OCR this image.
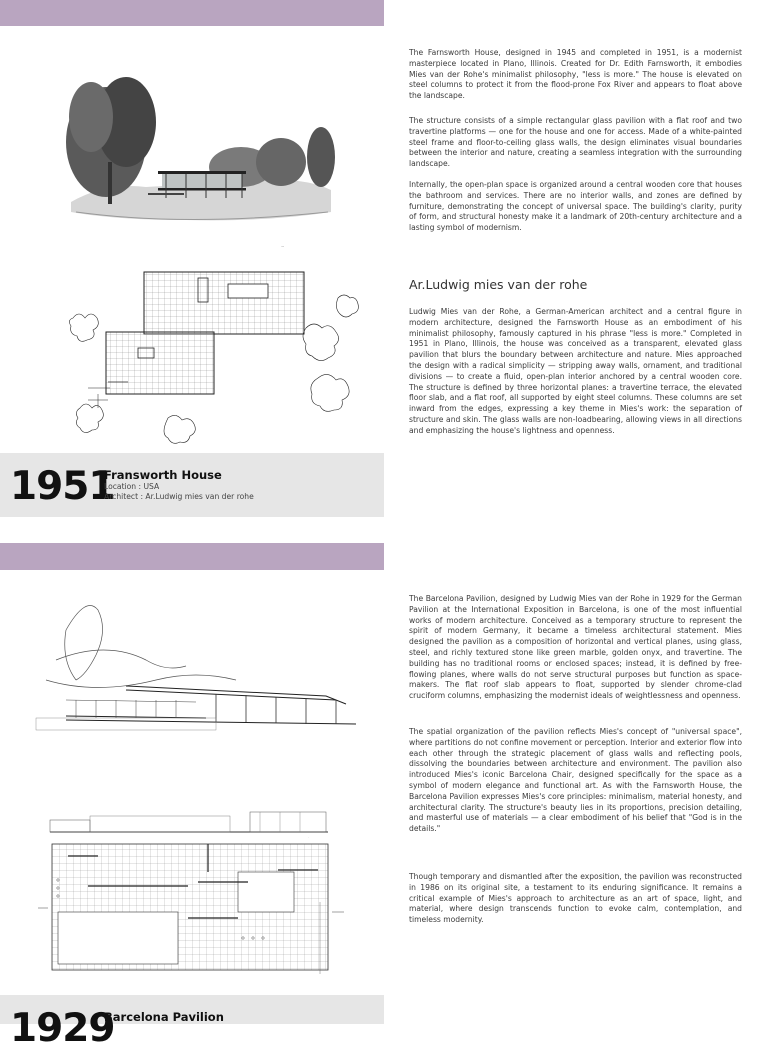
~

The Farnsworth House, designed in 1945 and completed in 1951, is a modernist masterpiece located in Plano, Illinois. Created for Dr. Edith Farnsworth, it embodies Mies van der Rohe's minimalist philosophy, "less is more." The house is elevated on steel columns to protect it from the flood-prone Fox River and appears to float above the landscape.

The structure consists of a simple rectangular glass pavilion with a flat roof and two travertine platforms — one for the house and one for access. Made of a white-painted steel frame and floor-to-ceiling glass walls, the design eliminates visual boundaries between the interior and nature, creating a seamless integration with the surrounding landscape.

Internally, the open-plan space is organized around a central wooden core that houses the bathroom and services. There are no interior walls, and zones are defined by furniture, demonstrating the concept of universal space. The building's clarity, purity of form, and structural honesty make it a landmark of 20th-century architecture and a lasting symbol of modernism.

Ar.Ludwig mies van der rohe

Ludwig Mies van der Rohe, a German-American architect and a central figure in modern architecture, designed the Farnsworth House as an embodiment of his minimalist philosophy, famously captured in his phrase "less is more." Completed in 1951 in Plano, Illinois, the house was conceived as a transparent, elevated glass pavilion that blurs the boundary between architecture and nature. Mies approached the design with a radical simplicity — stripping away walls, ornament, and traditional divisions — to create a fluid, open-plan interior anchored by a central wooden core. The structure is defined by three horizontal planes: a travertine terrace, the elevated floor slab, and a flat roof, all supported by eight steel columns. These columns are set inward from the edges, expressing a key theme in Mies's work: the separation of structure and skin. The glass walls are non-loadbearing, allowing views in all directions and emphasizing the house's lightness and openness.

1951
Fransworth House
Location : USA
Architect : Ar.Ludwig mies van der rohe
·

The Barcelona Pavilion, designed by Ludwig Mies van der Rohe in 1929 for the German Pavilion at the International Exposition in Barcelona, is one of the most influential works of modern architecture. Conceived as a temporary structure to represent the spirit of modern Germany, it became a timeless architectural statement. Mies designed the pavilion as a composition of horizontal and vertical planes, using glass, steel, and richly textured stone like green marble, golden onyx, and travertine. The building has no traditional rooms or enclosed spaces; instead, it is defined by free-flowing planes, where walls do not serve structural purposes but function as space-makers. The flat roof slab appears to float, supported by slender chrome-clad cruciform columns, emphasizing the modernist ideals of weightlessness and openness.

The spatial organization of the pavilion reflects Mies's concept of "universal space", where partitions do not confine movement or perception. Interior and exterior flow into each other through the strategic placement of glass walls and reflecting pools, dissolving the boundaries between architecture and environment. The pavilion also introduced Mies's iconic Barcelona Chair, designed specifically for the space as a symbol of modern elegance and functional art. As with the Farnsworth House, the Barcelona Pavilion expresses Mies's core principles: minimalism, material honesty, and architectural clarity. The structure's beauty lies in its proportions, precision detailing, and masterful use of materials — a clear embodiment of his belief that "God is in the details."

Though temporary and dismantled after the exposition, the pavilion was reconstructed in 1986 on its original site, a testament to its enduring significance. It remains a critical example of Mies's approach to architecture as an art of space, light, and material, where design transcends function to evoke calm, contemplation, and timeless modernity.

1929
Barcelona Pavilion
